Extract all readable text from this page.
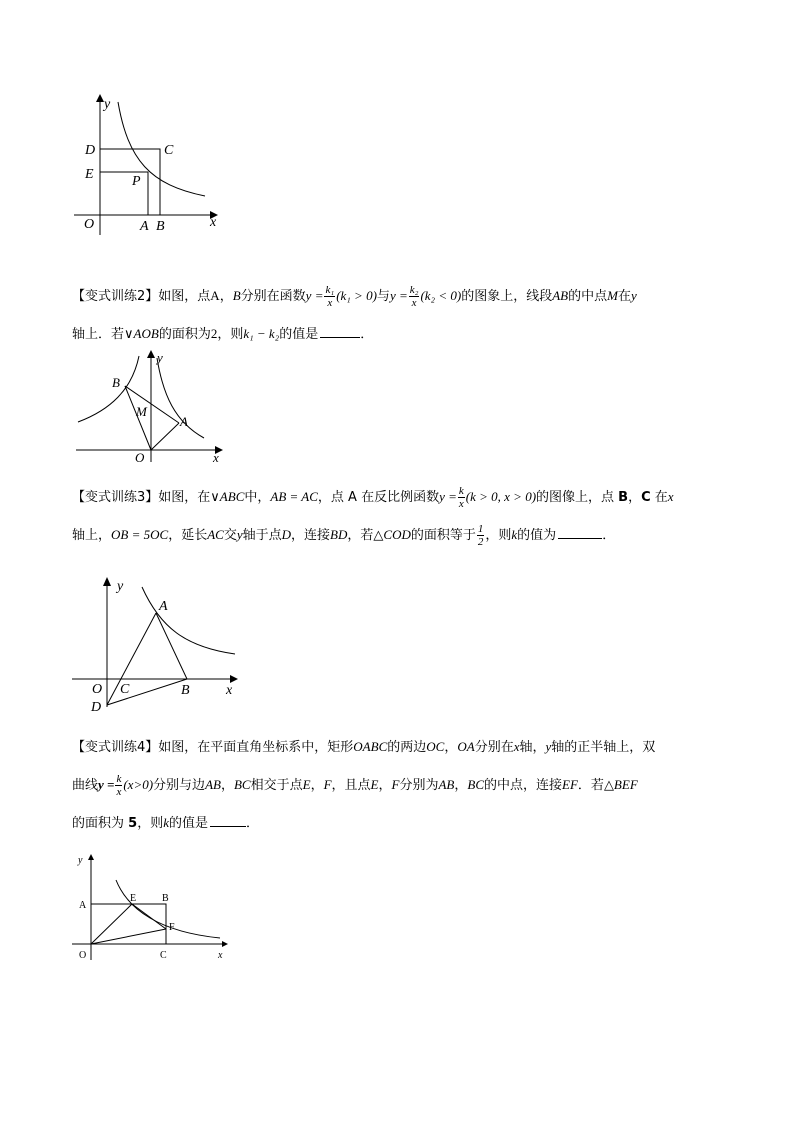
y
x
O	A B
C
D
E	P
【变式训练2】如图，点A，B分别在函数$y = \frac{\text{k₁}}{x} (k_1 > 0)$与$y = \frac{\text{k₂}}{x} (k_2 < 0)$的图象上，线段AB的中点M在y
轴上．若∨AOB的面积为2，则k₁ − k₂的值是	．
B
y
M
A
O	x
【变式训练3】如图，在∨ABC中，AB = AC，点 A 在反比例函数$y = \frac{k}{x} (k > 0$, x > 0)的图像上，点 B，C 在x
轴上，OB = 5OC，延长AC交y轴于点D，连接BD，若△COD的面积等于 $\frac{1}{2}$ ，则k的值为	．
y
A
O C	B	x
D
【变式训练4】如图，在平面直角坐标系中，矩形OABC的两边OC，OA分别在x轴，y轴的正半轴上，双
曲线$y = \frac{k}{x} (x>0)$分别与边AB，BC相交于点E，F，且点E，F分别为AB，BC的中点，连接EF．若△BEF
的面积为 5，则k的值是	．
y
A
E	B
F
O	C	x
